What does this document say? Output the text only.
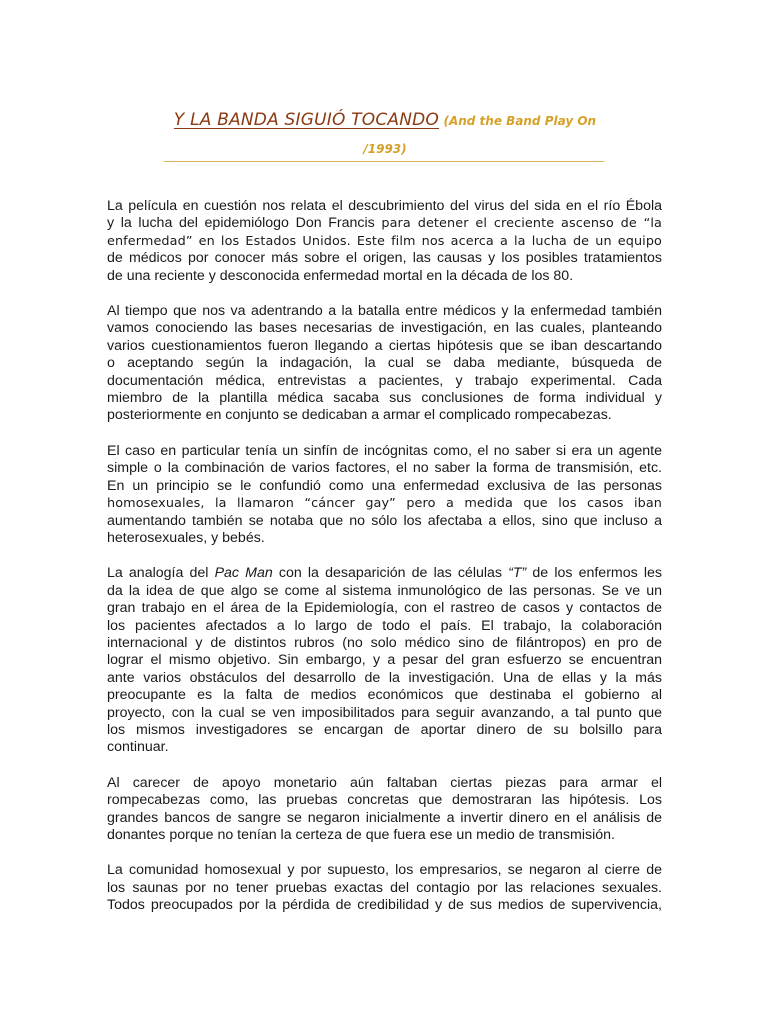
Y LA BANDA SIGUIÓ TOCANDO (And the Band Play On
/1993)
La película en cuestión nos relata el descubrimiento del virus del sida en el río Ébola
y la lucha del epidemiólogo Don Francis para detener el creciente ascenso de “la
enfermedad” en los Estados Unidos. Este film nos acerca a la lucha de un equipo
de médicos por conocer más sobre el origen, las causas y los posibles tratamientos
de una reciente y desconocida enfermedad mortal en la década de los 80.
Al tiempo que nos va adentrando a la batalla entre médicos y la enfermedad también
vamos conociendo las bases necesarias de investigación, en las cuales, planteando
varios cuestionamientos fueron llegando a ciertas hipótesis que se iban descartando
o aceptando según la indagación, la cual se daba mediante, búsqueda de
documentación médica, entrevistas a pacientes, y trabajo experimental. Cada
miembro de la plantilla médica sacaba sus conclusiones de forma individual y
posteriormente en conjunto se dedicaban a armar el complicado rompecabezas.
El caso en particular tenía un sinfín de incógnitas como, el no saber si era un agente
simple o la combinación de varios factores, el no saber la forma de transmisión, etc.
En un principio se le confundió como una enfermedad exclusiva de las personas
homosexuales, la llamaron “cáncer gay” pero a medida que los casos iban
aumentando también se notaba que no sólo los afectaba a ellos, sino que incluso a
heterosexuales, y bebés.
La analogía del Pac Man con la desaparición de las células “T” de los enfermos les
da la idea de que algo se come al sistema inmunológico de las personas. Se ve un
gran trabajo en el área de la Epidemiología, con el rastreo de casos y contactos de
los pacientes afectados a lo largo de todo el país. El trabajo, la colaboración
internacional y de distintos rubros (no solo médico sino de filántropos) en pro de
lograr el mismo objetivo. Sin embargo, y a pesar del gran esfuerzo se encuentran
ante varios obstáculos del desarrollo de la investigación. Una de ellas y la más
preocupante es la falta de medios económicos que destinaba el gobierno al
proyecto, con la cual se ven imposibilitados para seguir avanzando, a tal punto que
los mismos investigadores se encargan de aportar dinero de su bolsillo para
continuar.
Al carecer de apoyo monetario aún faltaban ciertas piezas para armar el
rompecabezas como, las pruebas concretas que demostraran las hipótesis. Los
grandes bancos de sangre se negaron inicialmente a invertir dinero en el análisis de
donantes porque no tenían la certeza de que fuera ese un medio de transmisión.
La comunidad homosexual y por supuesto, los empresarios, se negaron al cierre de
los saunas por no tener pruebas exactas del contagio por las relaciones sexuales.
Todos preocupados por la pérdida de credibilidad y de sus medios de supervivencia,
